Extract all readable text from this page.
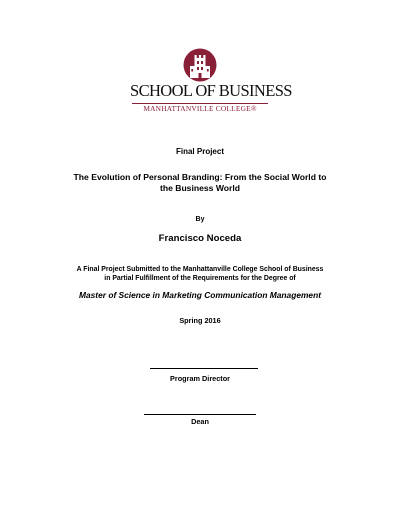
SCHOOL OF BUSINESS
MANHATTANVILLE COLLEGE®
Final Project
The Evolution of Personal Branding: From the Social World to
the Business World
By
Francisco Noceda
A Final Project Submitted to the Manhattanville College School of Business
in Partial Fulfillment of the Requirements for the Degree of
Master of Science in Marketing Communication Management
Spring 2016
Program Director
Dean
